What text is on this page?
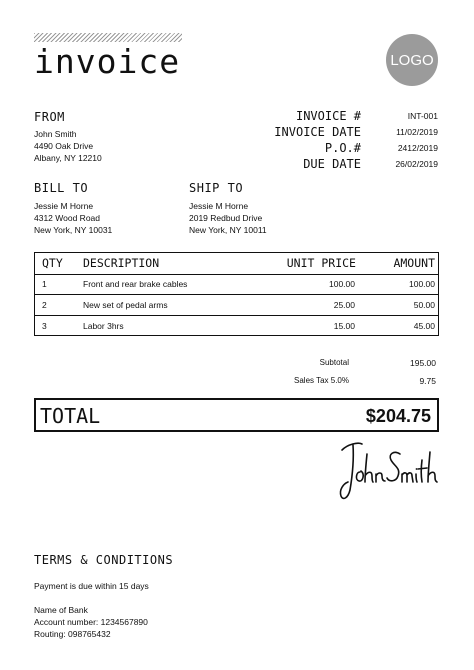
invoice	LOGO
FROM
John Smith
4490 Oak Drive
Albany, NY 12210
INVOICE #	INT-001
INVOICE DATE	11/02/2019
P.O.#	2412/2019
DUE DATE	26/02/2019
BILL TO
Jessie M Horne
4312 Wood Road
New York, NY 10031
SHIP TO
Jessie M Horne
2019 Redbud Drive
New York, NY 10011
QTY DESCRIPTION	UNIT PRICE	AMOUNT
1	Front and rear brake cables	100.00	100.00
2	New set of pedal arms	25.00	50.00
3	Labor 3hrs	15.00	45.00
Subtotal	195.00
Sales Tax 5.0%	9.75
TOTAL	$204.75
TERMS & CONDITIONS
Payment is due within 15 days
Name of Bank
Account number: 1234567890
Routing: 098765432
